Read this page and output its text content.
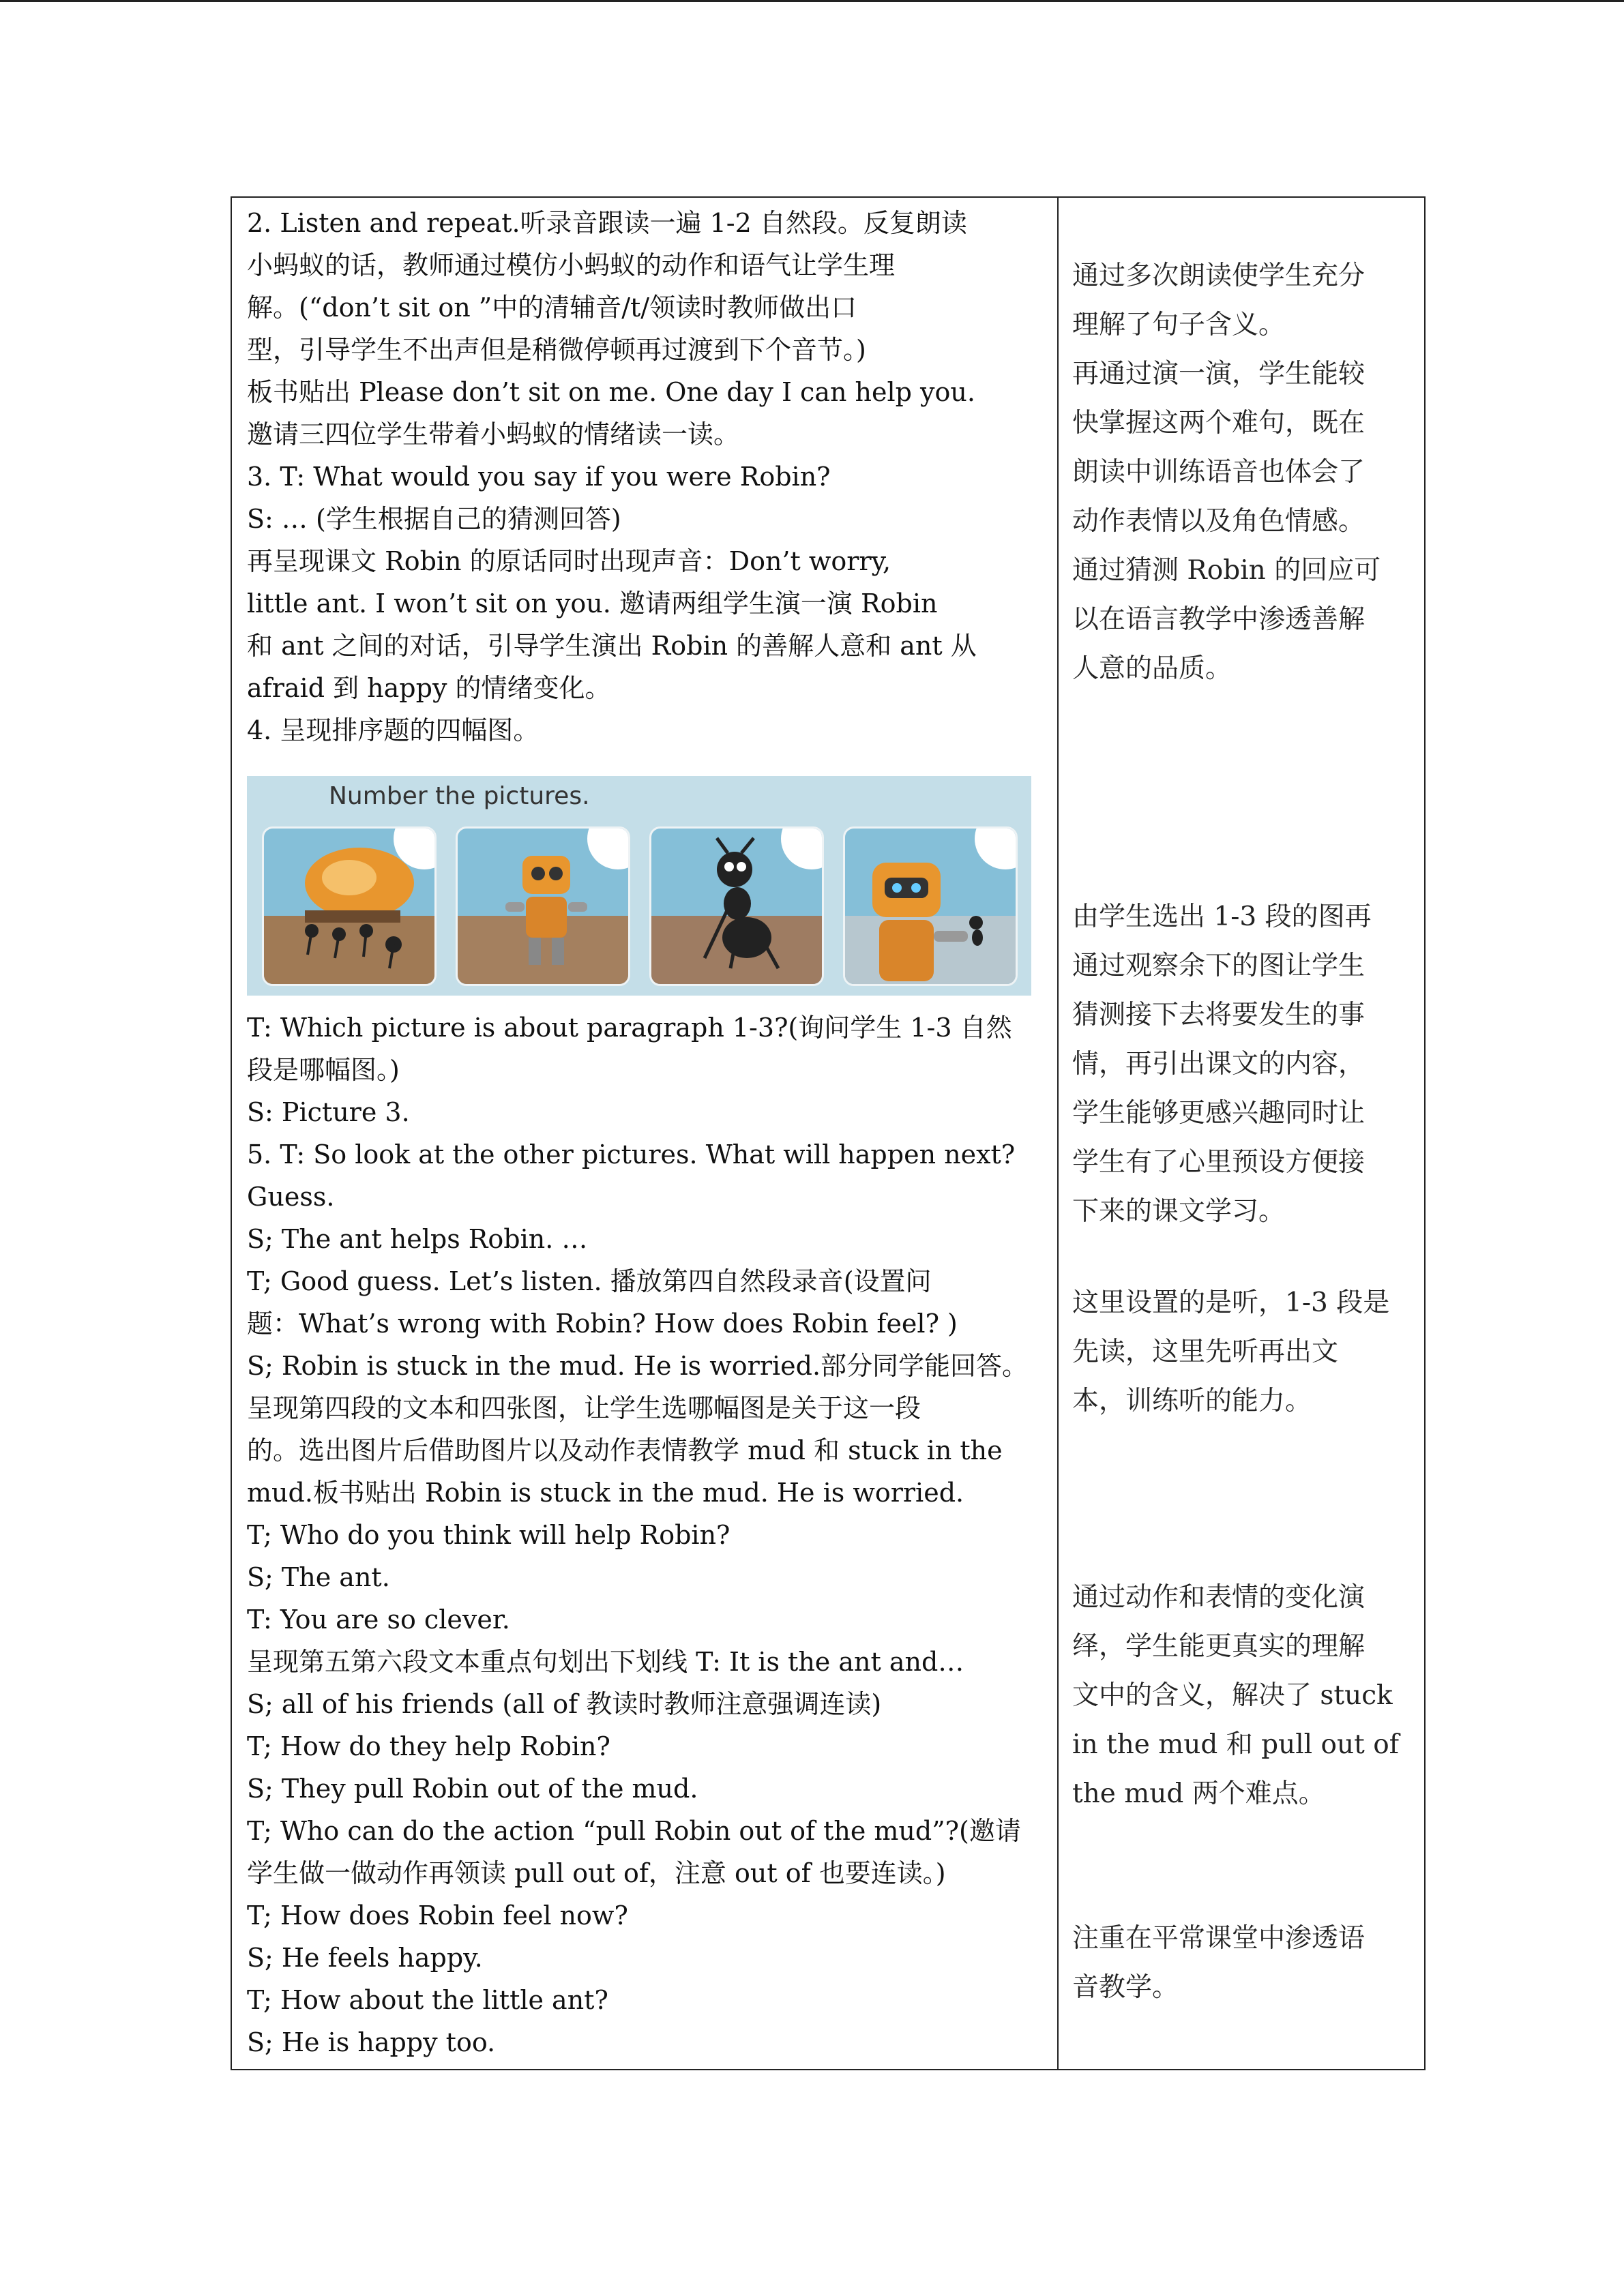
2. Listen and repeat.听录音跟读一遍 1-2 自然段。反复朗读
小蚂蚁的话，教师通过模仿小蚂蚁的动作和语气让学生理
解。(“don’t sit on ”中的清辅音/t/领读时教师做出口
型，引导学生不出声但是稍微停顿再过渡到下个音节。)
板书贴出 Please don’t sit on me. One day I can help you.
邀请三四位学生带着小蚂蚁的情绪读一读。
3. T: What would you say if you were Robin?
S: … (学生根据自己的猜测回答)
再呈现课文 Robin 的原话同时出现声音：Don’t worry,
little ant. I won’t sit on you. 邀请两组学生演一演 Robin
和 ant 之间的对话，引导学生演出 Robin 的善解人意和 ant 从
afraid 到 happy 的情绪变化。
4. 呈现排序题的四幅图。
Number the pictures.
T: Which picture is about paragraph 1-3?(询问学生 1-3 自然
段是哪幅图。)
S: Picture 3.
5. T: So look at the other pictures. What will happen next?
Guess.
S; The ant helps Robin. …
T; Good guess. Let’s listen. 播放第四自然段录音(设置问
题：What’s wrong with Robin? How does Robin feel? )
S; Robin is stuck in the mud. He is worried.部分同学能回答。
呈现第四段的文本和四张图，让学生选哪幅图是关于这一段
的。选出图片后借助图片以及动作表情教学 mud 和 stuck in the
mud.板书贴出 Robin is stuck in the mud. He is worried.
T; Who do you think will help Robin?
S; The ant.
T: You are so clever.
呈现第五第六段文本重点句划出下划线 T: It is the ant and…
S; all of his friends (all of 教读时教师注意强调连读)
T; How do they help Robin?
S; They pull Robin out of the mud.
T; Who can do the action “pull Robin out of the mud”?(邀请
学生做一做动作再领读 pull out of，注意 out of 也要连读。)
T; How does Robin feel now?
S; He feels happy.
T; How about the little ant?
S; He is happy too.
通过多次朗读使学生充分
理解了句子含义。
再通过演一演，学生能较
快掌握这两个难句，既在
朗读中训练语音也体会了
动作表情以及角色情感。
通过猜测 Robin 的回应可
以在语言教学中渗透善解
人意的品质。
由学生选出 1-3 段的图再
通过观察余下的图让学生
猜测接下去将要发生的事
情，再引出课文的内容，
学生能够更感兴趣同时让
学生有了心里预设方便接
下来的课文学习。
这里设置的是听，1-3 段是
先读，这里先听再出文
本，训练听的能力。
通过动作和表情的变化演
绎，学生能更真实的理解
文中的含义，解决了 stuck
in the mud 和 pull out of
the mud 两个难点。
注重在平常课堂中渗透语
音教学。
